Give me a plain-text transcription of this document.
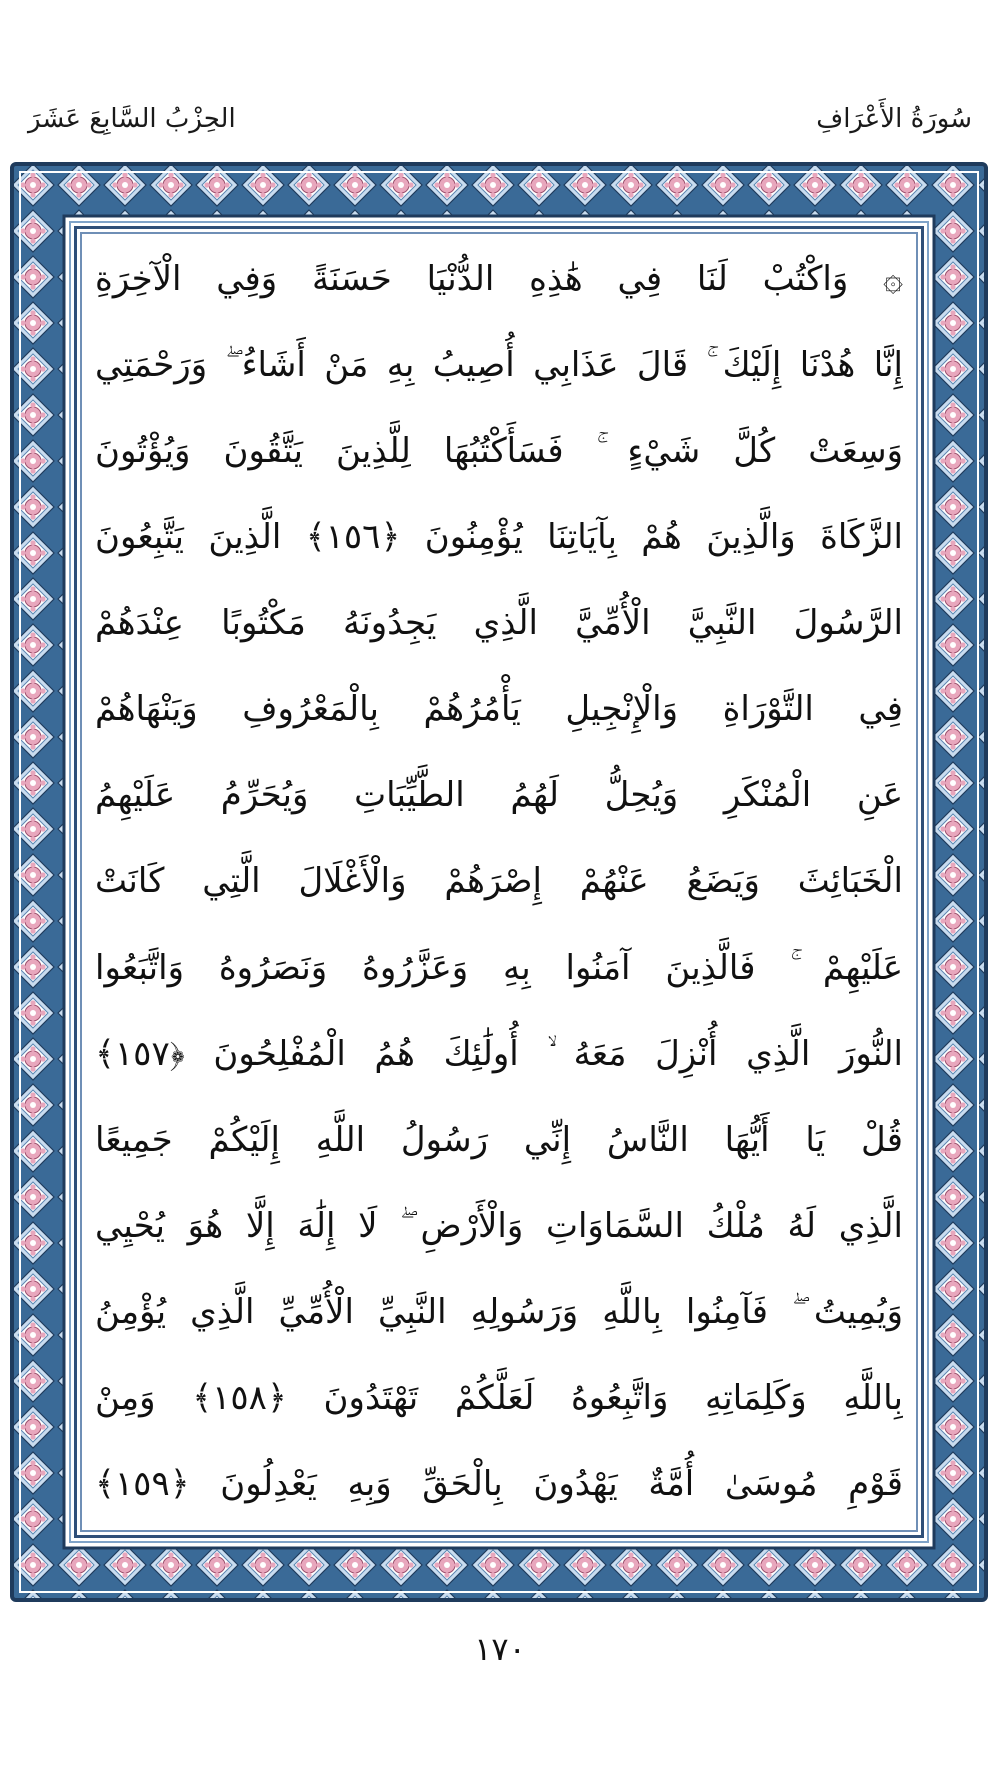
سُورَةُ الأَعْرَافِ
الحِزْبُ السَّابِعَ عَشَرَ
۞ وَاكْتُبْ لَنَا فِي هَٰذِهِ الدُّنْيَا حَسَنَةً وَفِي الْآخِرَةِ
إِنَّا هُدْنَا إِلَيْكَ ۚ قَالَ عَذَابِي أُصِيبُ بِهِ مَنْ أَشَاءُ ۖ وَرَحْمَتِي
وَسِعَتْ كُلَّ شَيْءٍ ۚ فَسَأَكْتُبُهَا لِلَّذِينَ يَتَّقُونَ وَيُؤْتُونَ
الزَّكَاةَ وَالَّذِينَ هُمْ بِآيَاتِنَا يُؤْمِنُونَ ﴿١٥٦﴾ الَّذِينَ يَتَّبِعُونَ
الرَّسُولَ النَّبِيَّ الْأُمِّيَّ الَّذِي يَجِدُونَهُ مَكْتُوبًا عِنْدَهُمْ
فِي التَّوْرَاةِ وَالْإِنْجِيلِ يَأْمُرُهُمْ بِالْمَعْرُوفِ وَيَنْهَاهُمْ
عَنِ الْمُنْكَرِ وَيُحِلُّ لَهُمُ الطَّيِّبَاتِ وَيُحَرِّمُ عَلَيْهِمُ
الْخَبَائِثَ وَيَضَعُ عَنْهُمْ إِصْرَهُمْ وَالْأَغْلَالَ الَّتِي كَانَتْ
عَلَيْهِمْ ۚ فَالَّذِينَ آمَنُوا بِهِ وَعَزَّرُوهُ وَنَصَرُوهُ وَاتَّبَعُوا
النُّورَ الَّذِي أُنْزِلَ مَعَهُ ۙ أُولَٰئِكَ هُمُ الْمُفْلِحُونَ ﴿١٥٧﴾
قُلْ يَا أَيُّهَا النَّاسُ إِنِّي رَسُولُ اللَّهِ إِلَيْكُمْ جَمِيعًا
الَّذِي لَهُ مُلْكُ السَّمَاوَاتِ وَالْأَرْضِ ۖ لَا إِلَٰهَ إِلَّا هُوَ يُحْيِي
وَيُمِيتُ ۖ فَآمِنُوا بِاللَّهِ وَرَسُولِهِ النَّبِيِّ الْأُمِّيِّ الَّذِي يُؤْمِنُ
بِاللَّهِ وَكَلِمَاتِهِ وَاتَّبِعُوهُ لَعَلَّكُمْ تَهْتَدُونَ ﴿١٥٨﴾ وَمِنْ
قَوْمِ مُوسَىٰ أُمَّةٌ يَهْدُونَ بِالْحَقِّ وَبِهِ يَعْدِلُونَ ﴿١٥٩﴾
١٧٠
